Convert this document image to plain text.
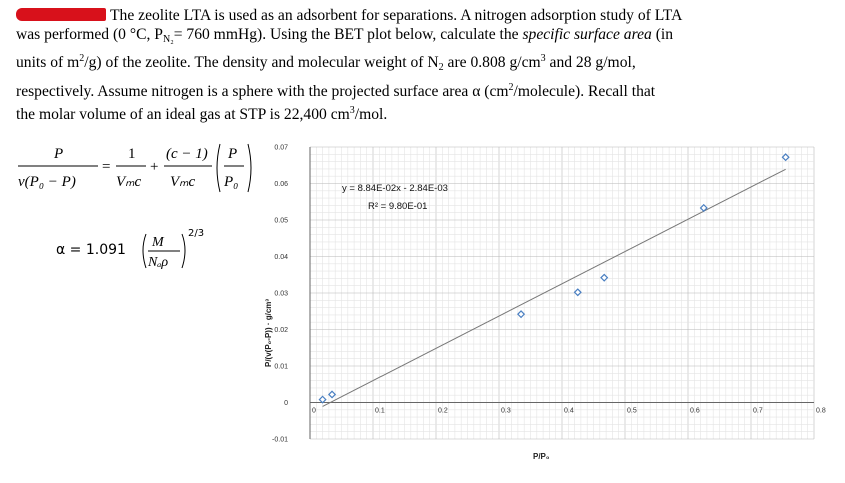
The zeolite LTA is used as an adsorbent for separations. A nitrogen adsorption study of LTA
was performed (0 °C, $P_{N_2}= 760$ mmHg). Using the BET plot below, calculate the specific surface area (in
units of $m^2/g$) of the zeolite. The density and molecular weight of $N_2$ are 0.808 $g/cm^3$ and 28 g/mol,
respectively. Assume nitrogen is a sphere with the projected surface area α $(cm^2/molecule)$. Recall that
the molar volume of an ideal gas at STP is 22,400 $cm^3$/mol.
P
v(P₀ − P)
=
1
Vₘc
+
(c − 1)
Vₘc
P
P₀
α = 1.091 M
Nₐρ
2/3
-0.01
0
0.01
0.02
0.03
0.04
0.05
0.06
0.07
0	0.1	0.2	0.3	0.4	0.5	0.6	0.7	0.8
y = 8.84E-02x - 2.84E-03
R² = 9.80E-01
P/P₀
P/(v(P₀-P)) · g/cm³
